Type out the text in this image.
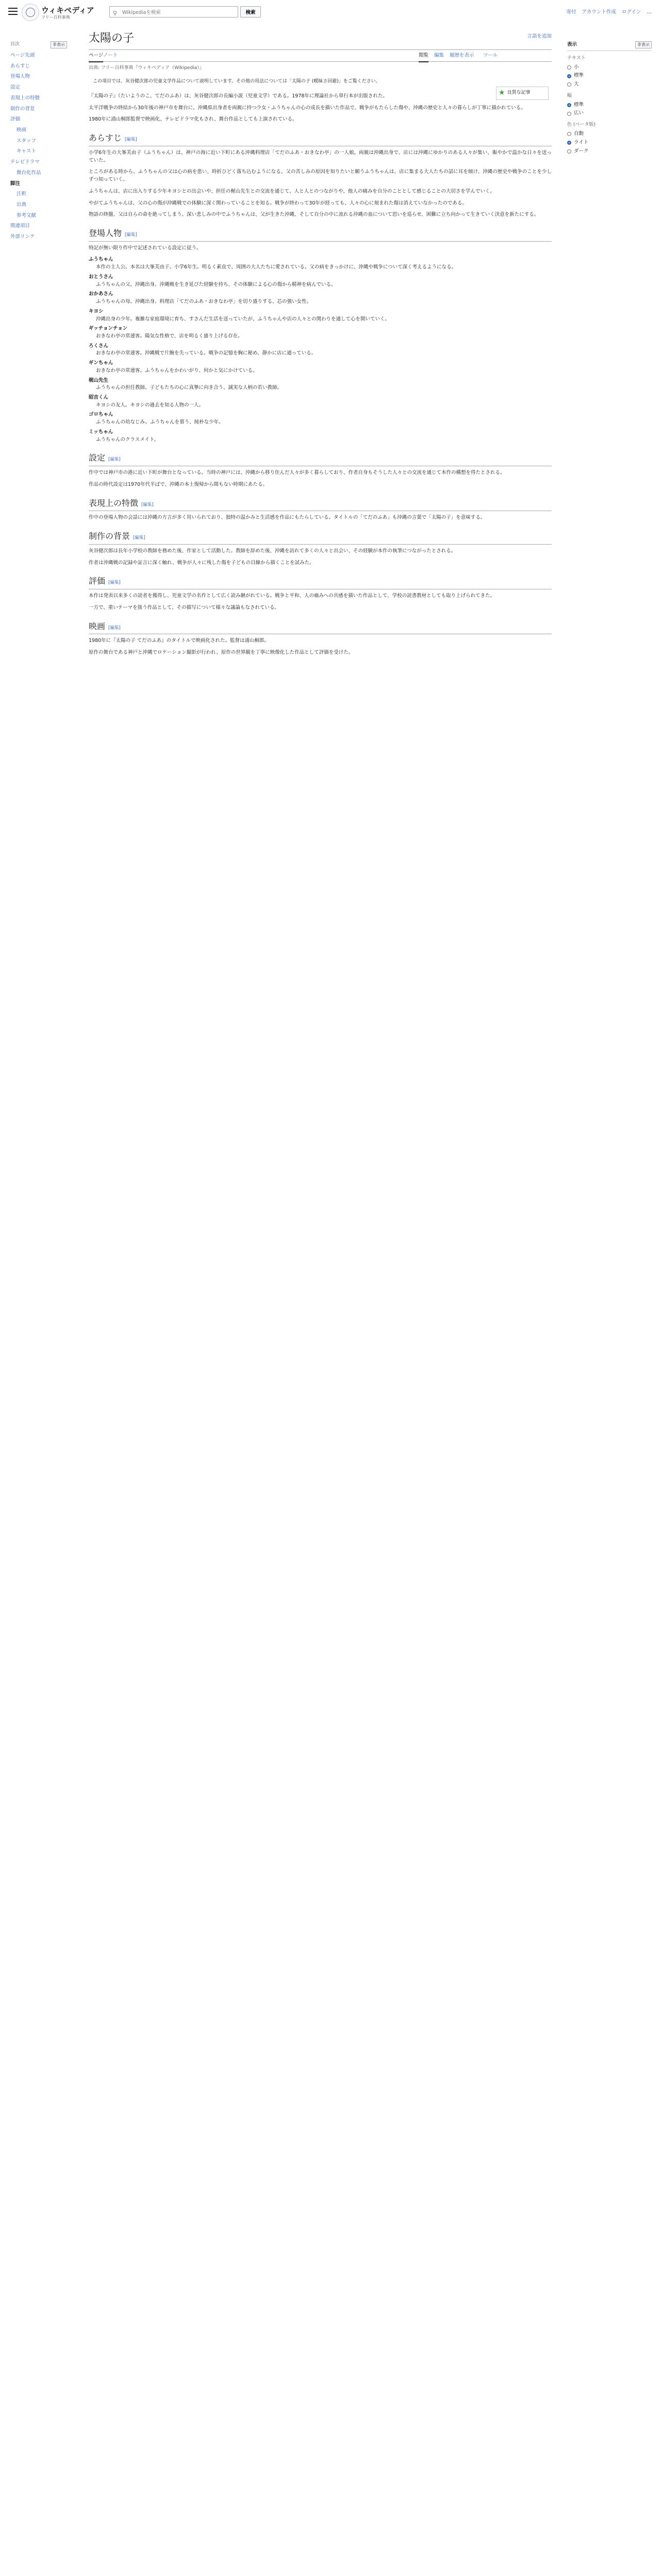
ウィキペディア
フリー百科事典
⚲
Wikipediaを検索	検索	寄付 アカウント作成 ログイン …
目次	非表示
ページ先頭
あらすじ
登場人物
設定
表現上の特徴
制作の背景
評価
映画
スタッフ
キャスト
テレビドラマ
舞台化作品
脚注
注釈
出典
参考文献
関連項目
外部リンク
太陽の子	言語を追加
ページ ノート	閲覧 編集 履歴を表示 ツール
出典: フリー百科事典『ウィキペディア（Wikipedia）』
この項目では、灰谷健次郎の児童文学作品について説明しています。その他の用法については「太陽の子 (曖昧さ回避)」をご覧ください。
★ 良質な記事

『太陽の子』（たいようのこ、てだのふあ）は、灰谷健次郎の長編小説（児童文学）である。1978年に理論社から単行本が出版された。

太平洋戦争の終結から30年後の神戸市を舞台に、沖縄県出身者を両親に持つ少女・ふうちゃんの心の成長を描いた作品で、戦争がもたらした傷や、沖縄の歴史と人々の暮らしが丁寧に描かれている。

1980年に浦山桐郎監督で映画化、テレビドラマ化もされ、舞台作品としても上演されている。

あらすじ [編集]

小学6年生の大峯芙由子（ふうちゃん）は、神戸の海に近い下町にある沖縄料理店「てだのふあ・おきなわ亭」の一人娘。両親は沖縄出身で、店には沖縄にゆかりのある人々が集い、賑やかで温かな日々を送っていた。

ところがある時から、ふうちゃんの父は心の病を患い、時折ひどく落ち込むようになる。父の苦しみの原因を知りたいと願うふうちゃんは、店に集まる大人たちの話に耳を傾け、沖縄の歴史や戦争のことを少しずつ知っていく。

ふうちゃんは、店に出入りする少年キヨシとの出会いや、担任の梶山先生との交流を通じて、人と人とのつながりや、他人の痛みを自分のこととして感じることの大切さを学んでいく。

やがてふうちゃんは、父の心の傷が沖縄戦での体験に深く関わっていることを知る。戦争が終わって30年が経っても、人々の心に刻まれた傷は消えていなかったのである。

物語の終盤、父は自らの命を絶ってしまう。深い悲しみの中でふうちゃんは、父が生きた沖縄、そして自分の中に流れる沖縄の血について思いを巡らせ、困難に立ち向かって生きていく決意を新たにする。

登場人物 [編集]

特記が無い限り作中で記述されている設定に従う。

ふうちゃん
本作の主人公。本名は大峯芙由子。小学6年生。明るく素直で、周囲の大人たちに愛されている。父の病をきっかけに、沖縄や戦争について深く考えるようになる。
おとうさん
ふうちゃんの父。沖縄出身。沖縄戦を生き延びた経験を持ち、その体験による心の傷から精神を病んでいる。
おかあさん
ふうちゃんの母。沖縄出身。料理店「てだのふあ・おきなわ亭」を切り盛りする、芯の強い女性。
キヨシ
沖縄出身の少年。複雑な家庭環境に育ち、すさんだ生活を送っていたが、ふうちゃんや店の人々との関わりを通して心を開いていく。
ギッチョンチョン
おきなわ亭の常連客。陽気な性格で、店を明るく盛り上げる存在。
ろくさん
おきなわ亭の常連客。沖縄戦で片腕を失っている。戦争の記憶を胸に秘め、静かに店に通っている。
ギンちゃん
おきなわ亭の常連客。ふうちゃんをかわいがり、何かと気にかけている。
梶山先生
ふうちゃんの担任教師。子どもたちの心に真摯に向き合う、誠実な人柄の若い教師。
昭吉くん
キヨシの友人。キヨシの過去を知る人物の一人。
ゴロちゃん
ふうちゃんの幼なじみ。ふうちゃんを慕う、純朴な少年。
ミッちゃん
ふうちゃんのクラスメイト。
設定 [編集]

作中では神戸市の港に近い下町が舞台となっている。当時の神戸には、沖縄から移り住んだ人々が多く暮らしており、作者自身もそうした人々との交流を通じて本作の構想を得たとされる。

作品の時代設定は1970年代半ばで、沖縄の本土復帰から間もない時期にあたる。

表現上の特徴 [編集]

作中の登場人物の会話には沖縄の方言が多く用いられており、独特の温かみと生活感を作品にもたらしている。タイトルの「てだのふあ」も沖縄の言葉で「太陽の子」を意味する。

制作の背景 [編集]

灰谷健次郎は長年小学校の教師を務めた後、作家として活動した。教師を辞めた後、沖縄を訪れて多くの人々と出会い、その経験が本作の執筆につながったとされる。

作者は沖縄戦の記録や証言に深く触れ、戦争が人々に残した傷を子どもの目線から描くことを試みた。

評価 [編集]

本作は発表以来多くの読者を獲得し、児童文学の名作として広く読み継がれている。戦争と平和、人の痛みへの共感を描いた作品として、学校の読書教材としても取り上げられてきた。

一方で、重いテーマを扱う作品として、その描写について様々な議論もなされている。

映画 [編集]

1980年に『太陽の子 てだのふあ』のタイトルで映画化された。監督は浦山桐郎。

原作の舞台である神戸と沖縄でロケーション撮影が行われ、原作の世界観を丁寧に映像化した作品として評価を受けた。

表示	非表示
テキスト
小
標準
大
幅
標準
広い
色 (ベータ版)
自動
ライト
ダーク
